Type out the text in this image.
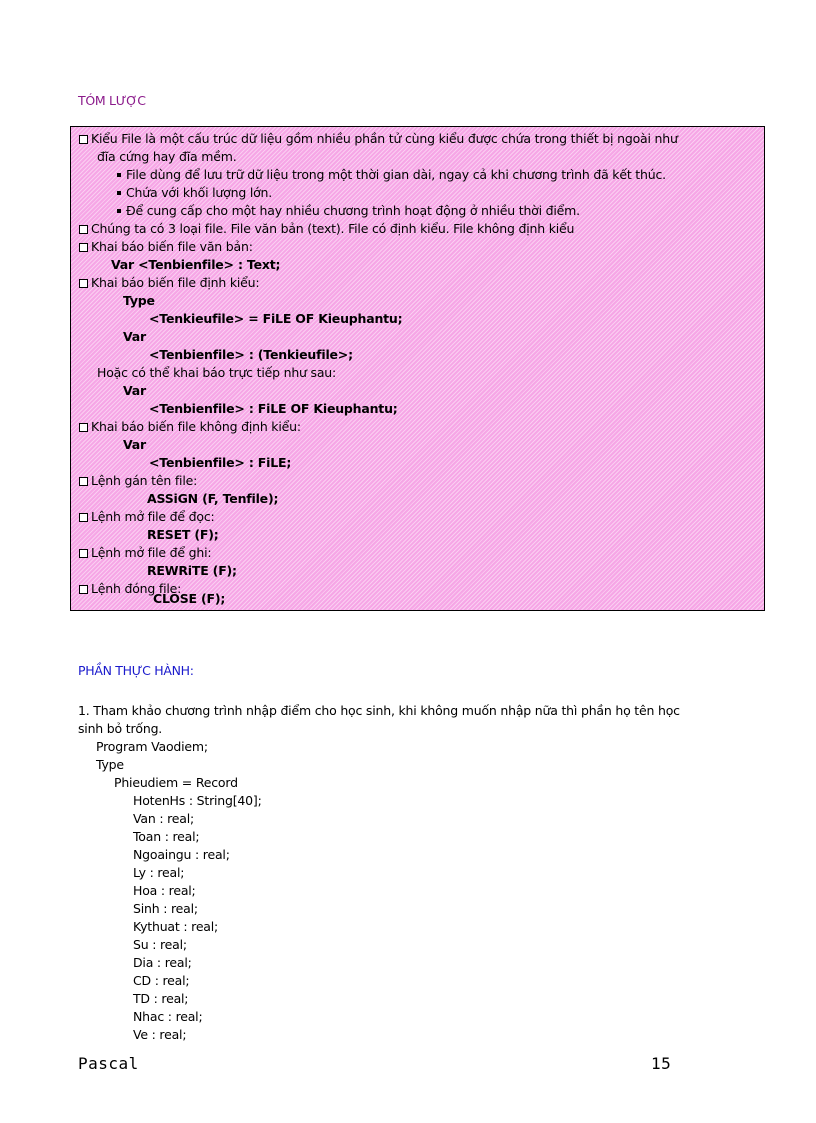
TÓM LƯỢC
Kiểu File là một cấu trúc dữ liệu gồm nhiều phần tử cùng kiểu được chứa trong thiết bị ngoài như
đĩa cứng hay đĩa mềm.
File dùng để lưu trữ dữ liệu trong một thời gian dài, ngay cả khi chương trình đã kết thúc.
Chứa với khối lượng lớn.
Để cung cấp cho một hay nhiều chương trình hoạt động ở nhiều thời điểm.
Chúng ta có 3 loại file. File văn bản (text). File có định kiểu. File không định kiểu
Khai báo biến file văn bản:
Var <Tenbienfile> : Text;
Khai báo biến file định kiểu:
Type
<Tenkieufile> = FiLE OF Kieuphantu;
Var
<Tenbienfile> : (Tenkieufile>;
Hoặc có thể khai báo trực tiếp như sau:
Var
<Tenbienfile> : FiLE OF Kieuphantu;
Khai báo biến file không định kiểu:
Var
<Tenbienfile> : FiLE;
Lệnh gán tên file:
ASSiGN (F, Tenfile);
Lệnh mở file để đọc:
RESET (F);
Lệnh mở file để ghi:
REWRiTE (F);
Lệnh đóng file:
CLOSE (F);
PHẦN THỰC HÀNH:
1. Tham khảo chương trình nhập điểm cho học sinh, khi không muốn nhập nữa thì phần họ tên học
sinh bỏ trống.
Program Vaodiem;
Type
Phieudiem = Record
HotenHs : String[40];
Van : real;
Toan : real;
Ngoaingu : real;
Ly : real;
Hoa : real;
Sinh : real;
Kythuat : real;
Su : real;
Dia : real;
CD : real;
TD : real;
Nhac : real;
Ve : real;
Pascal	15
